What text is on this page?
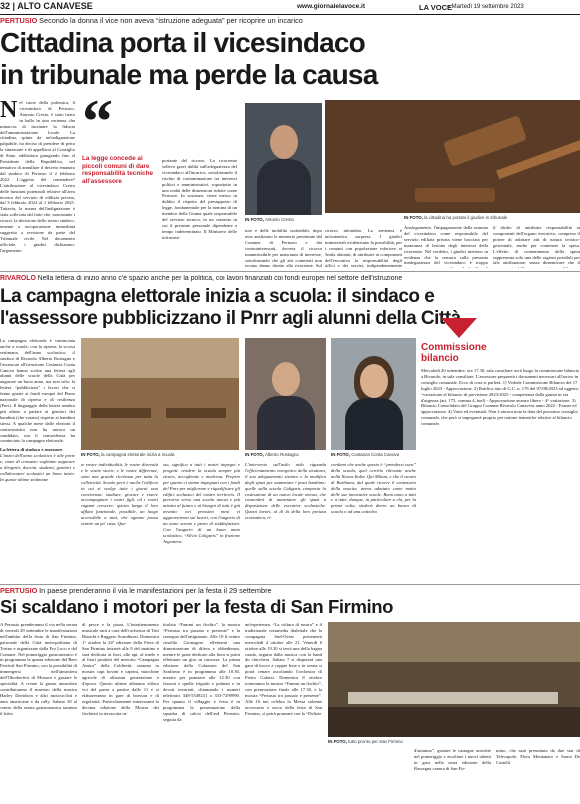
32 | ALTO CANAVESE	www.giornalelavoce.it	LA VOCE
- Martedì 19 settembre 2023
PERTUSIO Secondo la donna il vice non aveva “istruzione adeguata” per ricoprire un incarico
Cittadina porta il vicesindaco
in tribunale ma perde la causa
N el cuore della polemica, il vicesindaco di Pertusio, Antonio Cresto, è stato tirato in ballo in una vertenza che minaccia di incrinare la fiducia dell'amministrazione locale. La cittadina, spinta da un'indignazione palpabile, ha deciso di prendere di petto la situazione e di appellarsi al Consiglio di Stato, addirittura giungendo fino al Presidente della Repubblica, nel tentativo di annullare il decreto emanato dal sindaco di Pertusio il 2 febbraio 2022. L'oggetto del contendere? L'attribuzione al vicesindaco Cresto delle funzioni potenziali relative all'area tecnica del servizio di edilizia privata, dal 3 febbraio 2022 al 1 febbraio 2025. Tuttavia, la marea dell'indignazione è stata sollevata dal fatto che, nonostante i ricorsi, la decisione dello stesso sindaco, tenente a un'operazione immediata suggerita a revisione da parte del Tribunale civile. Nel documento ufficiale, i giudici dichiarano: l'argomento

“
La legge concede ai piccoli comuni di dare responsabilità tecniche all'assessore

portante del ricorso. La ricorrente solleva gravi dubbi sull'adeguatezza del vicesindaco all'incarico, sottolineando il rischio di contaminazione tra interessi politici e amministrativi, soprattutto in una realtà delle dimensioni ridotte come Pertusio. In sostanza, viene messo in dubbio il rispetto del presupposto di legge, fondamentale per la nomina di un membro della Giunta quale responsabile del servizio tecnico, in un contesto in cui il presente personale dipendente a tempo indeterminato. Il Ministero delle infrastrut-

IN FOTO, Antonio Cresto

ture e delle mobilità sostenibili, dopo aver analizzato le memorie presentate dal Comune di Pertusio e dai controinteressati, decreta il ricorso inammissibile per mancanza di interesse, sottolineando che gli atti contestati non recano danno diretto alla ricorrente. Sul

ricorso infondato. La sentenza è un'autentica sorpresa. I giudici ministeriali evidenziano la possibilità, per i comuni con popolazione inferiore ai 5mila abitanti, di attribuire ai componenti dell'esecutivo la responsabilità degli uffici e dei servizi, indipendentemente

IN FOTO, la cittadina ha portato il giudice in tribunale

Analogamente, l'impugnazione della nomina del vicesindaco come responsabile del servizio edilizia privata viene bocciata per mancanza di lesione degli interessi della ricorrente. Nel verdetto, i giudici mettono in evidenza che la censura sulla presunta inadeguatezza del vicesindaco è troppo

il diritto di attribuire responsabilità ai componenti dell'organo esecutivo, compreso il potere di adottare atti di natura tecnico-gestionale, anche per contenere la spesa. L'effetto di contenimento della spesa rappresenta solo una delle ragioni possibili per tale attribuzione, senza dimenticare che il

RIVAROLO Nella lettera di inizio anno c'è spazio anche per la politica, coi lavori finanziati coi fondi europei nel settore dell'istruzione
La campagna elettorale inizia a scuola: il sindaco e
l'assessore pubblicizzano il Pnrr agli alunni della Città

La campagna elettorale è cominciata anche a scuola: con la ripresa, la scorsa settimana, dell'anno scolastico, il sindaco di Rivarolo Alberto Rostagno e l'assessore all'istruzione Costanza Conta Canova hanno scritto una lettera agli alunni delle scuole della Città per augurare un buon anno, ma non solo: la lettera “pubblicizza” i lavori che si fanno grazie ai fondi europei del Piano nazionale di ripresa e di resilienza (Pnrr). Il linguaggio della lettera sembra più adatto a parlare ai genitori dei bambini (che votano) rispetto ai bambini stessi. A qualche mese dalle elezioni il centrosinistra non ha ancora un candidato, ma il centrodestra ha cominciato la campagna elettorale.

La lettera di sindaco e assessore

L'inizio dell'anno scolastico è alle porte e, come di consueto vogliamo augurare a dirigenti, docenti, studenti, genitori e collaboratori scolastici un buon inizio. In queste ultime settimane

IN FOTO, la campagna elettorale inizia a scuola

te vostre individualità, le vostre diversità e le vostre storie, e le vostre differenze, sono una grande ricchezza per tutta la collettività. Scuola però è anche l'edificio in cui si svolge tutte i giorni una convivenza: studiare, giocare e essere accompagnare i vostri figli, ed i vostri ragazzi crescere: questo lungo il loro afflato funzionale, possibile, un luogo accessibile a tutti, che ognuno possa sentire un po' casa. Que-

sto, significa a tutti i nostri impegni e progetti: rendere la scuola sempre più sicura, accogliente e moderna. Proprio per questo ci siamo impegnati con i fondi del Pnrr per migliorare e riqualificare gli edifici scolastici del nostro territorio. Il percorso verso una scuola nuova e più attenta al futuro e ai bisogni di tutti è già avviato: nei prossimi mesi vi aggiorneremo sui lavori, con l'augurio di un anno sereno e pieno di soddisfazioni. Con l'augurio di un buon anno scolastico, “Silvio Caligaris” in frazione Argentera.

IN FOTO, Alberto Rostagno	IN FOTO, Costanza Conta Canova

L'intervento sull'asilo nido riguarda l'efficientamento energetico della struttura, il suo adeguamento sismico e la modifica degli spazi per aumentare i posti bambino: quelle sulla scuola Caligaris comporta la costruzione di un nuovo locale mensa, che consentirà di aumentare gli spazi a disposizione delle esecutive scolastiche. Questi lavori, al di là della loro portata economica, ri-

cordano che anche questo è “prendersi cura” della scuola, quel cerchio rilevante anche nella Nuova Italia. Qui Milani, e che il curato di Barbiana, dal quale ricorre il centenario della nascita, aveva adottato come motto delle sue innovative scuole. Buon anno a tutti e a tutte, dunque, in particolare a chi, per la prima volta, siederà dietro un banco di scuola o ad una cattedra.

Commissione
bilancio

Mercoledì 20 settembre, ore 17.30, sala consiliare avrà luogo la commissione bilancio a Rivarolo, in sala consiliare. L'assessore preparerà i documenti necessari all'arrivo in consiglio comunale. Ecco di cosa si parlerà. 1) Verbale Commissione Bilancio del 17 luglio 2023 - Approvazione. 2) Ratifica atto di G.C. n. 176 del 07/08/2023 ad oggetto: “variazione al bilancio di previsione 2023/2025 - competenza della giunta in via d'urgenza (art. 175, comma 4, tuel) - Approvazione avanzo libero - 4^ variazione. 3) Bilancio Consolidato del Gruppo Comune Rivarolo Canavese anno 2022 - Esame ed approvazione. 4) Varie ed eventuali. Non è ancora nota la data del prossimo consiglio comunale, che però si impegnerà proprio per trattare tematiche relative al bilancio comunale.

PERTUSIO In paese prenderanno il via le manifestazioni per la festa il 29 settembre
Si scaldano i motori per la festa di San Firmino

A Pertusio prenderanno il via nella serata di venerdì 29 settembre le manifestazioni nell'ambito della festa di San Firmino, patronale della Città metropolitana di Torino e organizzate dalla Pro Loco e dal Comune. Nel pomeriggio gastronomico è in programma la quarta edizione del Beer Festival San Firmino, con la possibilità di immergersi nell'atmosfera dell'Oktoberfest di Monaco e gustare le specialità. A creare la giusta atmosfera contribuiranno il maestro della musica Harley Davidson e altri motociclisti e auto americane e da rally. Sabato 30 al centro della serata gastronomica saranno il fritto

di pesce e la pizza. L'intrattenimento musicale sarà a cura dell'orchestra di Titti Bianchi e Ruggero Scandiuzzi. Domenica 1° ottobre la 24ª edizione della Fiera di San Firmino inizierà alle 8 del mattino e sarà dedicata ai fiori, alle api, al miele e al fuori prodotti del mercato “Campagna Amica” della Coldiretti, saranno in mostra capi bovini e caprini, macchine agricole di altissimi generazione e d'epoca. Questo ultime abbiamo sfilato voi del paese a partire dalle 11 e si elaboreranno in gare di bravura e di regolarità. Particolarmente interessanti la decima edizione della Mostra dei fischietti in terracotta in-

titolata “Fammi un fischio”, la mostra “Pertusio tra passato e presente” e la rassegna dell'artigianato. Alle 10 il centro cinofilo Gronogese effettuerà una dimostrazione di difesa e obbedienza, mentre le prate dedicate alla fiera si potrà effettuare un giro in carrozza. La prima edizione della Colazzata del San Sanfirmo è in programma alle 10.30, mentre per pranzare alle 12.30 con fassoni e quelle frigiatti e palmati e in devoti invariati, chiamando i numeri telefonici 348-5549231 o 333-7299990. Per quanto il villaggio e festa è in programma la presentazione della squadra di calcio dell'asd Pertusio, seguita da

un'esperienza. “La cultura di nostro” e il tradizionale commedia dialettale che la compagnia Sud-Ovest presenterà mercoledì 4 ottobre alle 21. Venerdì 6 ottobre alle 19.30 si terrà una della bagna cauda, seguita dalla musica con la band du chicchera. Sabato 7 si disputerà una gara di bocce a coppie fisse e in serata si potrà cenare ascoltando l'orchestra di Pietro Galassi. Domenica 8 ottobre torneranno la mostra “Fammi un fischio”, con premiazione finale alle 17.30, e la mostra “Pertusio tra passato e presente”. Alle 16 nei celebra la Messa solenne accessorio e sacco della festa di San Firmino, si potrà pranzare con la “Delizie

IN FOTO, tutto pronto per San Firmino

d'autunno”, gustare le castagne arrostite nel pomeriggio e ascoltare i nuovi talenti in gara nella sesta edizione della Rassegna canora di San Fir-

mino, che sarà presentata da due star di Telecupole, Flora Montanaro e Sonia De Castelli.
